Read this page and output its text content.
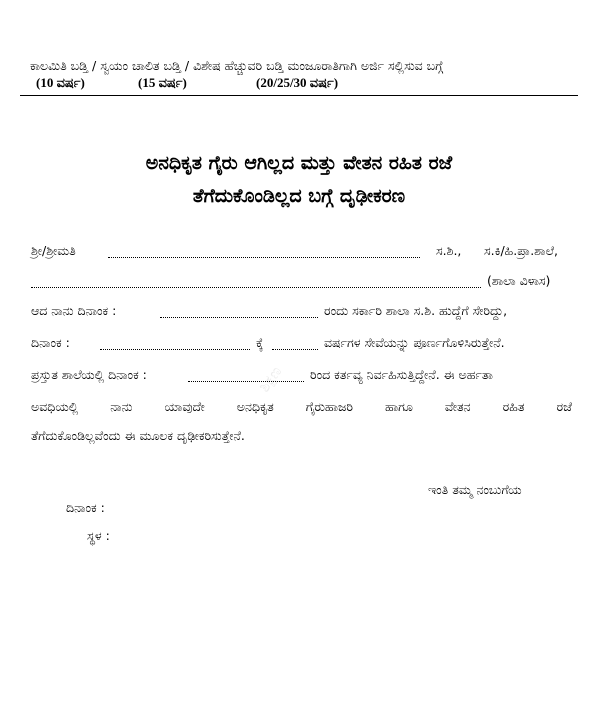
ಕಾಲಮಿತಿ ಬಡ್ತಿ / ಸ್ವಯಂ ಚಾಲಿತ ಬಡ್ತಿ / ವಿಶೇಷ ಹೆಚ್ಚುವರಿ ಬಡ್ತಿ ಮಂಜೂರಾತಿಗಾಗಿ ಅರ್ಜಿ ಸಲ್ಲಿಸುವ ಬಗ್ಗೆ
(10 ವರ್ಷ)	(15 ವರ್ಷ)	(20/25/30 ವರ್ಷ)
ಅನಧಿಕೃತ ಗೈರು ಆಗಿಲ್ಲದ ಮತ್ತು ವೇತನ ರಹಿತ ರಜೆ
ತೆಗೆದುಕೊಂಡಿಲ್ಲದ ಬಗ್ಗೆ ದೃಢೀಕರಣ
ಶಿಕ್ಷಣ
ಶ್ರೀ/ಶ್ರೀಮತಿ	ಸ.ಶಿ., ಸ.ಕಿ/ಹಿ.ಪ್ರಾ.ಶಾಲೆ,
(ಶಾಲಾ ವಿಳಾಸ)
ಆದ ನಾನು ದಿನಾಂಕ :	ರಂದು ಸರ್ಕಾರಿ ಶಾಲಾ ಸ.ಶಿ. ಹುದ್ದೆಗೆ ಸೇರಿದ್ದು,
ದಿನಾಂಕ :	ಕ್ಕೆ	ವರ್ಷಗಳ ಸೇವೆಯನ್ನು ಪೂರ್ಣಗೊಳಿಸಿರುತ್ತೇನೆ.
ಪ್ರಸ್ತುತ ಶಾಲೆಯಲ್ಲಿ ದಿನಾಂಕ :	ರಿಂದ ಕರ್ತವ್ಯ ನಿರ್ವಹಿಸುತ್ತಿದ್ದೇನೆ. ಈ ಅರ್ಹತಾ
ಅವಧಿಯಲ್ಲಿ	ನಾನು	ಯಾವುದೇ	ಅನಧಿಕೃತ	ಗೈರುಹಾಜರಿ	ಹಾಗೂ	ವೇತನ	ರಹಿತ	ರಜೆ
ತೆಗೆದುಕೊಂಡಿಲ್ಲವೆಂದು ಈ ಮೂಲಕ ದೃಢೀಕರಿಸುತ್ತೇನೆ.
ಇಂತಿ ತಮ್ಮ ನಂಬುಗೆಯ
ದಿನಾಂಕ :
ಸ್ಥಳ :
